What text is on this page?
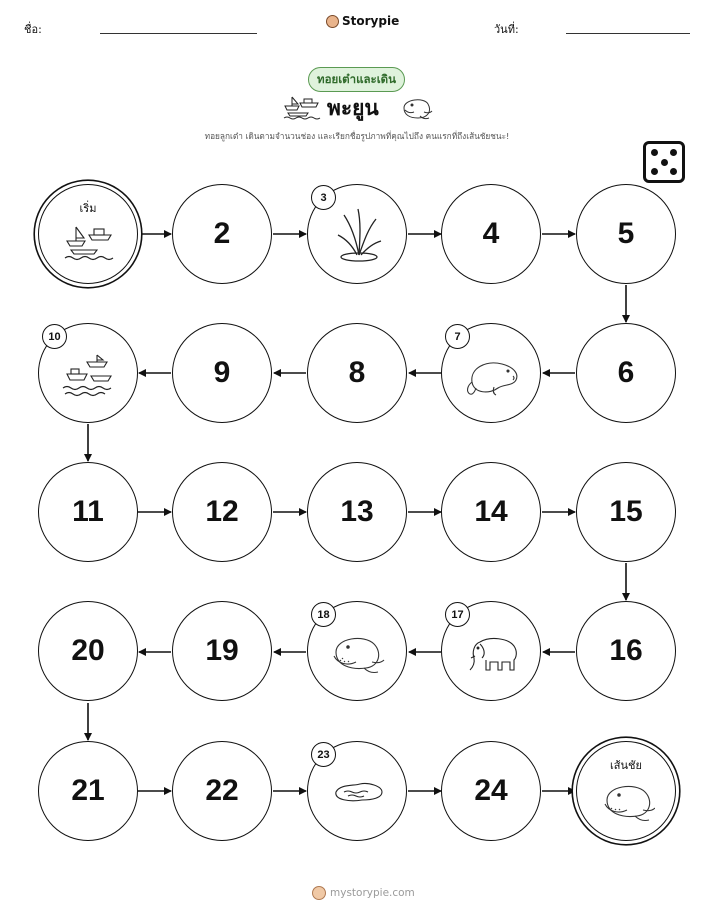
ชื่อ:
Storypie
วันที่:
ทอยเต๋าและเดิน
พะยูน
ทอยลูกเต๋า เดินตามจำนวนช่อง และเรียกชื่อรูปภาพที่คุณไปถึง คนแรกที่ถึงเส้นชัยชนะ!
เริ่ม
2
3
4	5
10
9	8
7
6
11	12	13	14	15
20	19
18	17
16
21	22
23
24
เส้นชัย
mystorypie.com
